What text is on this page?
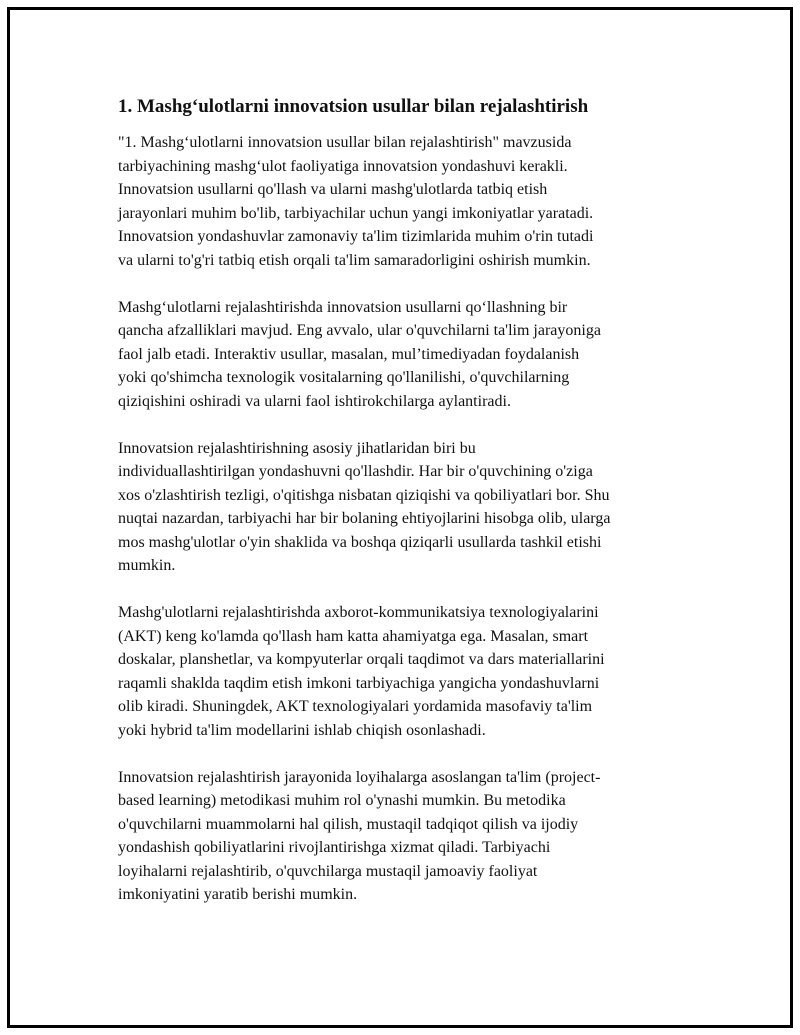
1. Mashg‘ulotlarni innovatsion usullar bilan rejalashtirish

"1. Mashg‘ulotlarni innovatsion usullar bilan rejalashtirish" mavzusida
tarbiyachining mashg‘ulot faoliyatiga innovatsion yondashuvi kerakli.
Innovatsion usullarni qo'llash va ularni mashg'ulotlarda tatbiq etish
jarayonlari muhim bo'lib, tarbiyachilar uchun yangi imkoniyatlar yaratadi.
Innovatsion yondashuvlar zamonaviy ta'lim tizimlarida muhim o'rin tutadi
va ularni to'g'ri tatbiq etish orqali ta'lim samaradorligini oshirish mumkin.

Mashg‘ulotlarni rejalashtirishda innovatsion usullarni qo‘llashning bir
qancha afzalliklari mavjud. Eng avvalo, ular o'quvchilarni ta'lim jarayoniga
faol jalb etadi. Interaktiv usullar, masalan, mul’timediyadan foydalanish
yoki qo'shimcha texnologik vositalarning qo'llanilishi, o'quvchilarning
qiziqishini oshiradi va ularni faol ishtirokchilarga aylantiradi.

Innovatsion rejalashtirishning asosiy jihatlaridan biri bu
individuallashtirilgan yondashuvni qo'llashdir. Har bir o'quvchining o'ziga
xos o'zlashtirish tezligi, o'qitishga nisbatan qiziqishi va qobiliyatlari bor. Shu
nuqtai nazardan, tarbiyachi har bir bolaning ehtiyojlarini hisobga olib, ularga
mos mashg'ulotlar o'yin shaklida va boshqa qiziqarli usullarda tashkil etishi
mumkin.

Mashg'ulotlarni rejalashtirishda axborot-kommunikatsiya texnologiyalarini
(AKT) keng ko'lamda qo'llash ham katta ahamiyatga ega. Masalan, smart
doskalar, planshetlar, va kompyuterlar orqali taqdimot va dars materiallarini
raqamli shaklda taqdim etish imkoni tarbiyachiga yangicha yondashuvlarni
olib kiradi. Shuningdek, AKT texnologiyalari yordamida masofaviy ta'lim
yoki hybrid ta'lim modellarini ishlab chiqish osonlashadi.

Innovatsion rejalashtirish jarayonida loyihalarga asoslangan ta'lim (project-
based learning) metodikasi muhim rol o'ynashi mumkin. Bu metodika
o'quvchilarni muammolarni hal qilish, mustaqil tadqiqot qilish va ijodiy
yondashish qobiliyatlarini rivojlantirishga xizmat qiladi. Tarbiyachi
loyihalarni rejalashtirib, o'quvchilarga mustaqil jamoaviy faoliyat
imkoniyatini yaratib berishi mumkin.
